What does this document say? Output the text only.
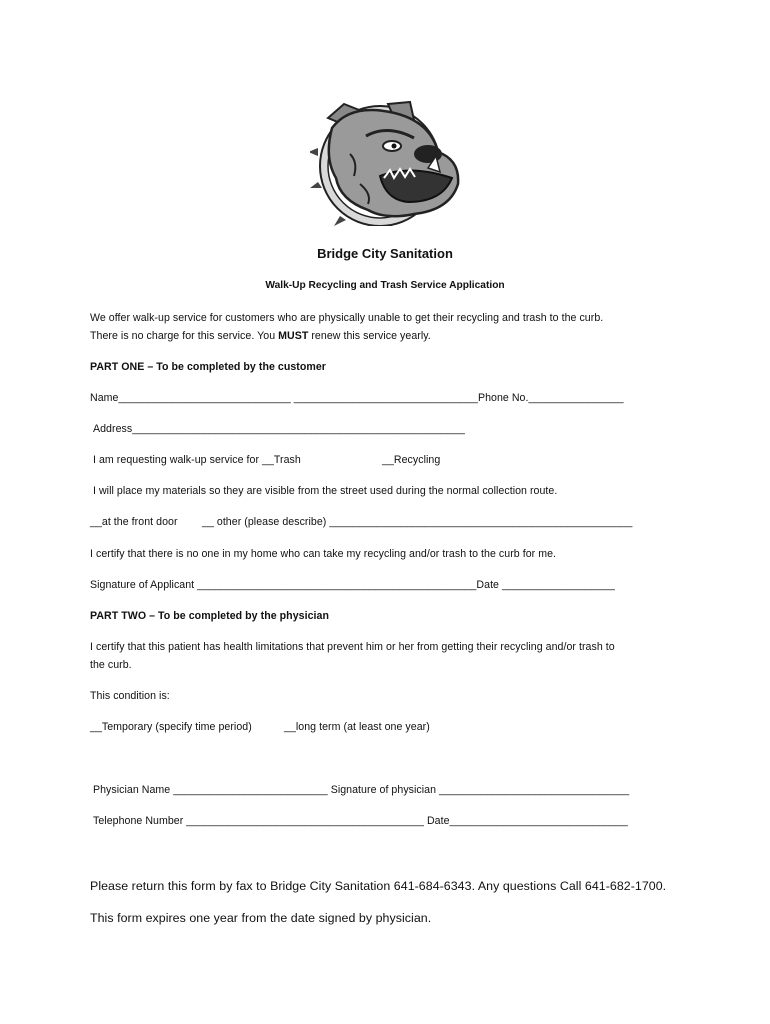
Bridge City Sanitation
Walk-Up Recycling and Trash Service Application
We offer walk-up service for customers who are physically unable to get their recycling and trash to the curb.
There is no charge for this service. You MUST renew this service yearly.
PART ONE – To be completed by the customer
Name_____________________________ _______________________________Phone No.________________
Address________________________________________________________
I am requesting walk-up service for __Trash	__Recycling
I will place my materials so they are visible from the street used during the normal collection route.
__at the front door __ other (please describe) ___________________________________________________
I certify that there is no one in my home who can take my recycling and/or trash to the curb for me.
Signature of Applicant _______________________________________________Date ___________________
PART TWO – To be completed by the physician
I certify that this patient has health limitations that prevent him or her from getting their recycling and/or trash to
the curb.
This condition is:
__Temporary (specify time period)	__long term (at least one year)
Physician Name __________________________ Signature of physician ________________________________
Telephone Number ________________________________________ Date______________________________
Please return this form by fax to Bridge City Sanitation 641-684-6343. Any questions Call 641-682-1700.
This form expires one year from the date signed by physician.
